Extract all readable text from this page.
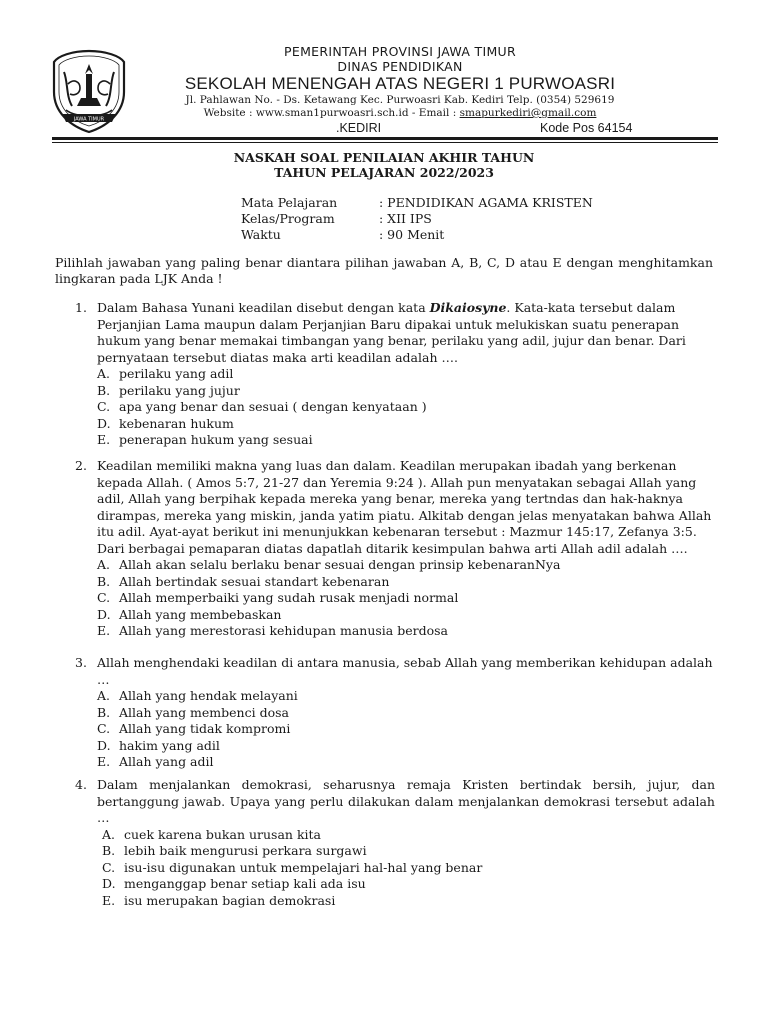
JAWA TIMUR
PEMERINTAH PROVINSI JAWA TIMUR
DINAS PENDIDIKAN
SEKOLAH MENENGAH ATAS NEGERI 1 PURWOASRI
Jl. Pahlawan No. - Ds. Ketawang Kec. Purwoasri Kab. Kediri Telp. (0354) 529619
Website : www.sman1purwoasri.sch.id - Email : smapurkediri@gmail.com
.KEDIRI	Kode Pos 64154
NASKAH SOAL PENILAIAN AKHIR TAHUN
TAHUN PELAJARAN 2022/2023
Mata Pelajaran	: PENDIDIKAN AGAMA KRISTEN
Kelas/Program	: XII IPS
Waktu	: 90 Menit
Pilihlah jawaban yang paling benar diantara pilihan jawaban A, B, C, D atau E dengan menghitamkan lingkaran pada LJK Anda !
1. Dalam Bahasa Yunani keadilan disebut dengan kata Dikaiosyne. Kata-kata tersebut dalam Perjanjian Lama maupun dalam Perjanjian Baru dipakai untuk melukiskan suatu penerapan hukum yang benar memakai timbangan yang benar, perilaku yang adil, jujur dan benar. Dari pernyataan tersebut diatas maka arti keadilan adalah ….
A. perilaku yang adil
B. perilaku yang jujur
C. apa yang benar dan sesuai ( dengan kenyataan )
D. kebenaran hukum
E. penerapan hukum yang sesuai
2. Keadilan memiliki makna yang luas dan dalam. Keadilan merupakan ibadah yang berkenan kepada Allah. ( Amos 5:7, 21-27 dan Yeremia 9:24 ). Allah pun menyatakan sebagai Allah yang adil, Allah yang berpihak kepada mereka yang benar, mereka yang tertndas dan hak-haknya dirampas, mereka yang miskin, janda yatim piatu. Alkitab dengan jelas menyatakan bahwa Allah itu adil. Ayat-ayat berikut ini menunjukkan kebenaran tersebut : Mazmur 145:17, Zefanya 3:5. Dari berbagai pemaparan diatas dapatlah ditarik kesimpulan bahwa arti Allah adil adalah ….
A. Allah akan selalu berlaku benar sesuai dengan prinsip kebenaranNya
B. Allah bertindak sesuai standart kebenaran
C. Allah memperbaiki yang sudah rusak menjadi normal
D. Allah yang membebaskan
E. Allah yang merestorasi kehidupan manusia berdosa
3. Allah menghendaki keadilan di antara manusia, sebab Allah yang memberikan kehidupan adalah …
A. Allah yang hendak melayani
B. Allah yang membenci dosa
C. Allah yang tidak kompromi
D. hakim yang adil
E. Allah yang adil
4. Dalam menjalankan demokrasi, seharusnya remaja Kristen bertindak bersih, jujur, dan bertanggung jawab. Upaya yang perlu dilakukan dalam menjalankan demokrasi tersebut adalah …
A. cuek karena bukan urusan kita
B. lebih baik mengurusi perkara surgawi
C. isu-isu digunakan untuk mempelajari hal-hal yang benar
D. menganggap benar setiap kali ada isu
E. isu merupakan bagian demokrasi
